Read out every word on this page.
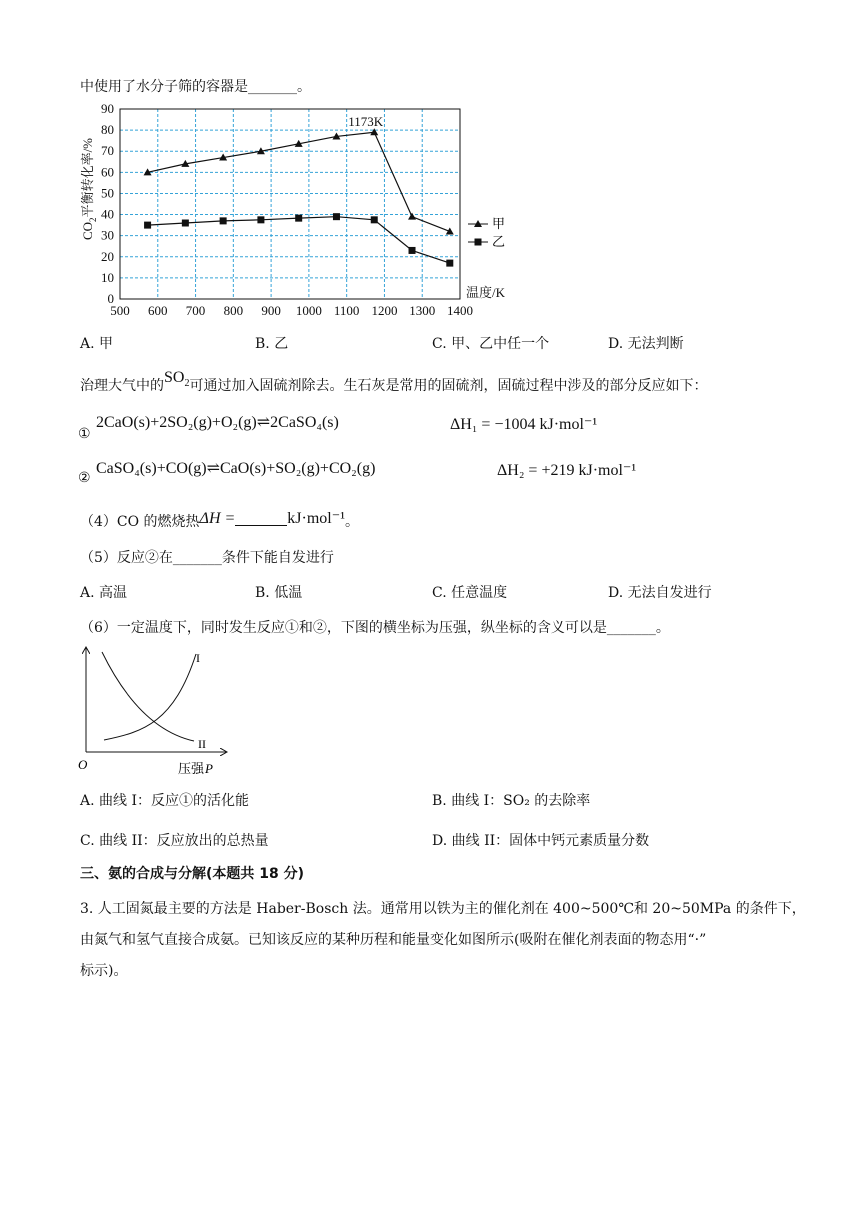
中使用了水分子筛的容器是_______。
500 600 700 800 900 1000 1100 1200 1300 1400
0
10
20
30
40
50
60
70
80
90
1173K
温度/K
$CO_2$平衡转化率/%
甲
乙
A. 甲	B. 乙	C. 甲、乙中任一个	D. 无法判断
治理大气中的$SO_2$可通过加入固硫剂除去。生石灰是常用的固硫剂，固硫过程中涉及的部分反应如下：
①
2CaO(s)+2SO₂(g)+O₂(g)⇌2CaSO₄(s)	ΔH₁ = −1004 kJ·mol⁻¹
②
CaSO₄(s)+CO(g)⇌CaO(s)+SO₂(g)+CO₂(g)	ΔH₂ = +219 kJ·mol⁻¹
（4）CO 的燃烧热ΔH =	kJ·mol⁻¹。
（5）反应②在_______条件下能自发进行
A. 高温	B. 低温	C. 任意温度	D. 无法自发进行
（6）一定温度下，同时发生反应①和②，下图的横坐标为压强，纵坐标的含义可以是_______。
I
II
O	压强 P
A. 曲线 I：反应①的活化能	B. 曲线 I：SO₂ 的去除率
C. 曲线 II：反应放出的总热量	D. 曲线 II：固体中钙元素质量分数
三、氨的合成与分解(本题共 18 分)
3. 人工固氮最主要的方法是 Haber-Bosch 法。通常用以铁为主的催化剂在 400~500℃和 20~50MPa 的条件下，
由氮气和氢气直接合成氨。已知该反应的某种历程和能量变化如图所示(吸附在催化剂表面的物态用“·”
标示)。
